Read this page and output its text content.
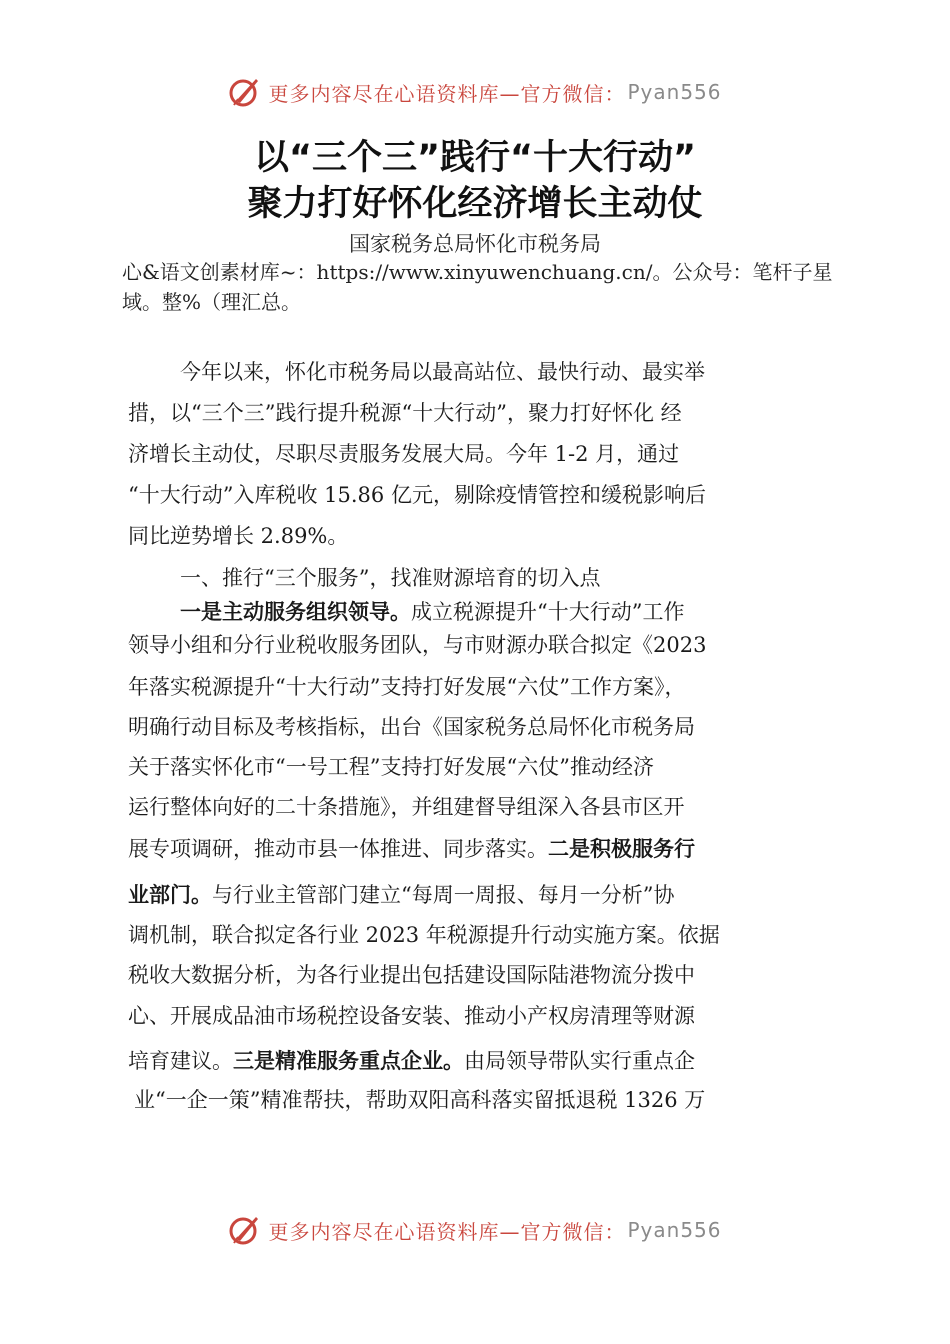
更多内容尽在心语资料库—官方微信： Pyan556
以“三个三”践行“十大行动”
聚力打好怀化经济增长主动仗
国家税务总局怀化市税务局
心&语文创素材库~：https://www.xinyuwenchuang.cn/。公众号：笔杆子星域。整%（理汇总。
今年以来，怀化市税务局以最高站位、最快行动、最实举
措，以“三个三”践行提升税源“十大行动”，聚力打好怀化 经
济增长主动仗，尽职尽责服务发展大局。今年 1-2 月，通过
“十大行动”入库税收 15.86 亿元，剔除疫情管控和缓税影响后
同比逆势增长 2.89%。
一、推行“三个服务”，找准财源培育的切入点
一是主动服务组织领导。成立税源提升“十大行动”工作
领导小组和分行业税收服务团队，与市财源办联合拟定《2023
年落实税源提升“十大行动”支持打好发展“六仗”工作方案》，
明确行动目标及考核指标，出台《国家税务总局怀化市税务局
关于落实怀化市“一号工程”支持打好发展“六仗”推动经济
运行整体向好的二十条措施》，并组建督导组深入各县市区开
展专项调研，推动市县一体推进、同步落实。二是积极服务行
业部门。与行业主管部门建立“每周一周报、每月一分析”协
调机制，联合拟定各行业 2023 年税源提升行动实施方案。依据
税收大数据分析，为各行业提出包括建设国际陆港物流分拨中
心、开展成品油市场税控设备安装、推动小产权房清理等财源
培育建议。三是精准服务重点企业。由局领导带队实行重点企
业“一企一策”精准帮扶，帮助双阳高科落实留抵退税 1326 万
更多内容尽在心语资料库—官方微信： Pyan556
